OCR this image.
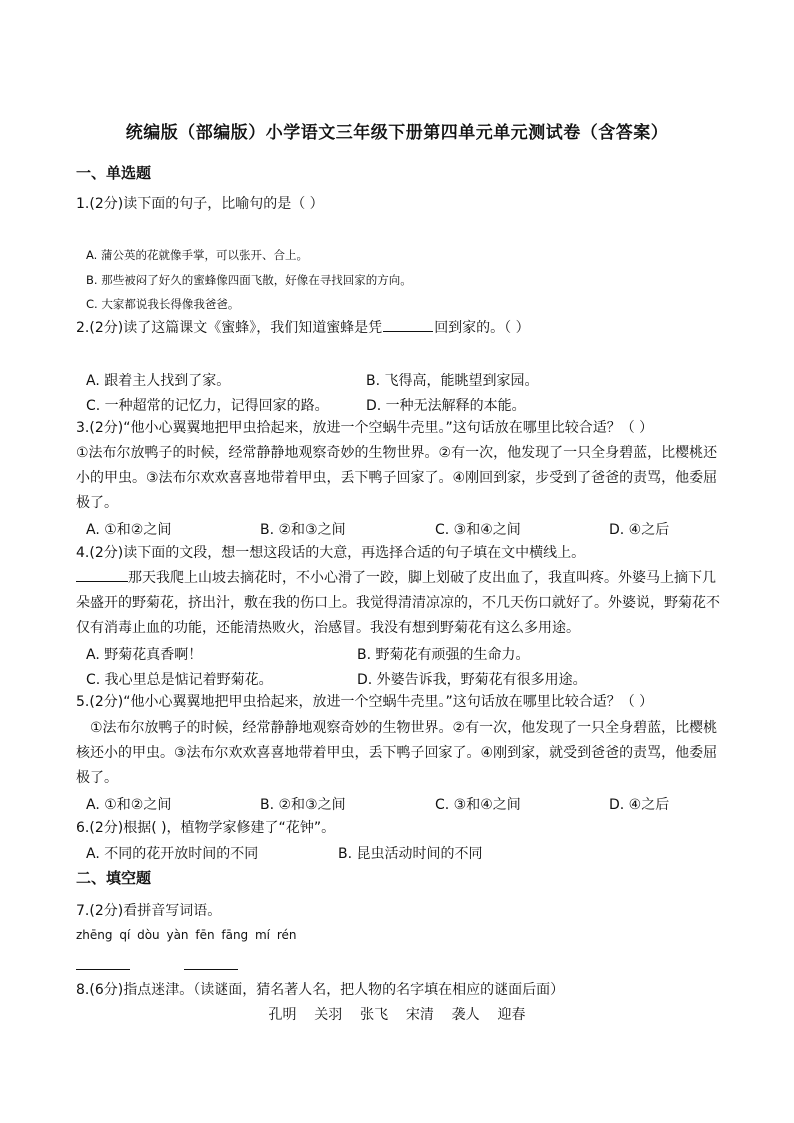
统编版（部编版）小学语文三年级下册第四单元单元测试卷（含答案）
一、单选题
1.(2分)读下面的句子，比喻句的是（ ）
A. 蒲公英的花就像手掌，可以张开、合上。
B. 那些被闷了好久的蜜蜂像四面飞散，好像在寻找回家的方向。
C. 大家都说我长得像我爸爸。
2.(2分)读了这篇课文《蜜蜂》，我们知道蜜蜂是凭	回到家的。（ ）
A. 跟着主人找到了家。	B. 飞得高，能眺望到家园。
C. 一种超常的记忆力，记得回家的路。	D. 一种无法解释的本能。
3.(2分)“他小心翼翼地把甲虫拾起来，放进一个空蜗牛壳里。”这句话放在哪里比较合适？（ ）
①法布尔放鸭子的时候，经常静静地观察奇妙的生物世界。②有一次，他发现了一只全身碧蓝，比樱桃还小的甲虫。③法布尔欢欢喜喜地带着甲虫，丢下鸭子回家了。④刚回到家，步受到了爸爸的责骂，他委屈极了。
A. ①和②之间	B. ②和③之间	C. ③和④之间	D. ④之后
4.(2分)读下面的文段，想一想这段话的大意，再选择合适的句子填在文中横线上。
那天我爬上山坡去摘花时，不小心滑了一跤，脚上划破了皮出血了，我直叫疼。外婆马上摘下几朵盛开的野菊花，挤出汁，敷在我的伤口上。我觉得清清凉凉的，不几天伤口就好了。外婆说，野菊花不仅有消毒止血的功能，还能清热败火，治感冒。我没有想到野菊花有这么多用途。
A. 野菊花真香啊！	B. 野菊花有顽强的生命力。
C. 我心里总是惦记着野菊花。	D. 外婆告诉我，野菊花有很多用途。
5.(2分)“他小心翼翼地把甲虫拾起来，放进一个空蜗牛壳里。”这句话放在哪里比较合适？（ ）
①法布尔放鸭子的时候，经常静静地观察奇妙的生物世界。②有一次，他发现了一只全身碧蓝，比樱桃核还小的甲虫。③法布尔欢欢喜喜地带着甲虫，丢下鸭子回家了。④刚到家，就受到爸爸的责骂，他委屈极了。
A. ①和②之间	B. ②和③之间	C. ③和④之间	D. ④之后
6.(2分)根据( )，植物学家修建了“花钟”。
A. 不同的花开放时间的不同	B. 昆虫活动时间的不同
二、填空题
7.(2分)看拼音写词语。
zhēng qí dòu yàn fēn fāng mí rén
8.(6分)指点迷津。（读谜面，猜名著人名，把人物的名字填在相应的谜面后面）
孔明    关羽    张飞    宋清    袭人    迎春
